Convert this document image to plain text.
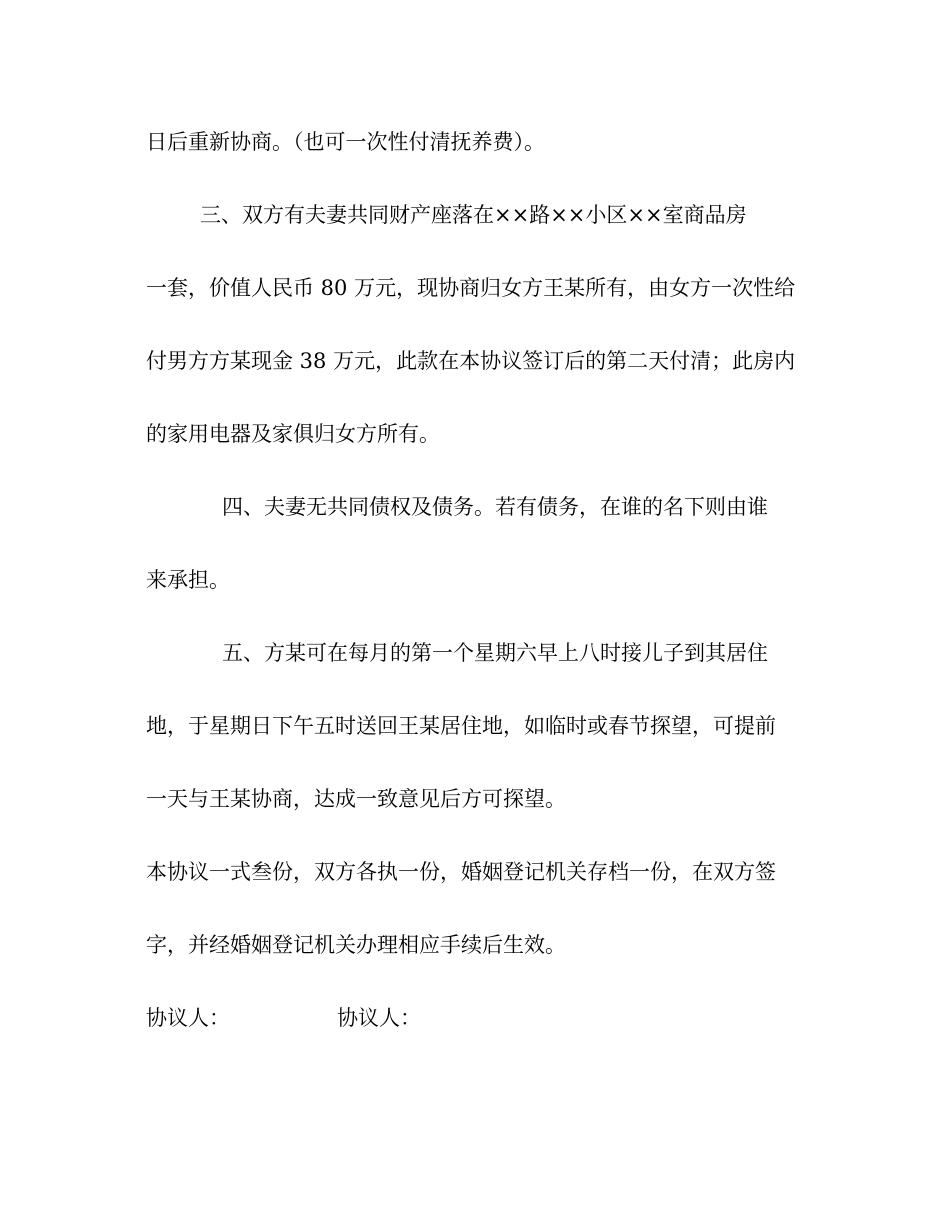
日后重新协商。（也可一次性付清抚养费）。

三、双方有夫妻共同财产座落在××路××小区××室商品房

一套，价值人民币 80 万元，现协商归女方王某所有，由女方一次性给

付男方方某现金 38 万元，此款在本协议签订后的第二天付清；此房内

的家用电器及家俱归女方所有。

四、夫妻无共同债权及债务。若有债务，在谁的名下则由谁

来承担。

五、方某可在每月的第一个星期六早上八时接儿子到其居住

地，于星期日下午五时送回王某居住地，如临时或春节探望，可提前

一天与王某协商，达成一致意见后方可探望。

本协议一式叁份，双方各执一份，婚姻登记机关存档一份，在双方签

字，并经婚姻登记机关办理相应手续后生效。

协议人：	协议人：
